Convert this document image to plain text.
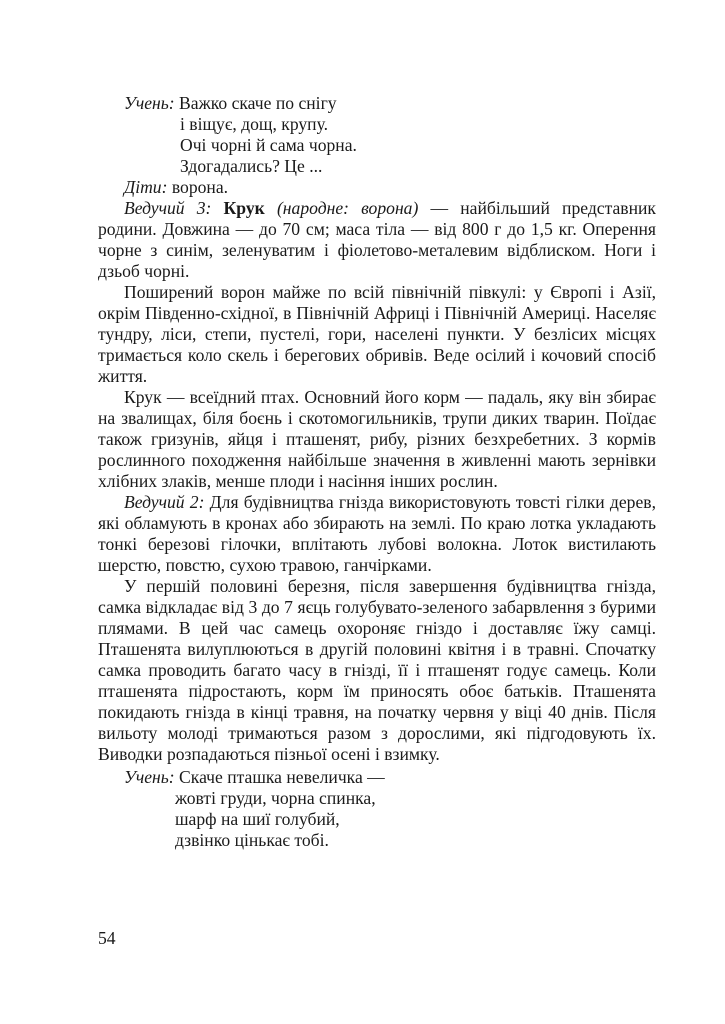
Учень: Важко скаче по снігу
і віщує, дощ, крупу.
Очі чорні й сама чорна.
Здогадались? Це ...
Діти: ворона.

Ведучий 3: Крук (народне: ворона) — найбільший представник родини. Довжина — до 70 см; маса тіла — від 800 г до 1,5 кг. Оперення чорне з синім, зеленуватим і фіолетово-металевим відблиском. Ноги і дзьоб чорні.

Поширений ворон майже по всій північній півкулі: у Європі і Азії, окрім Південно-східної, в Північній Африці і Північній Америці. Населяє тундру, ліси, степи, пустелі, гори, населені пункти. У безлісих місцях тримається коло скель і берегових обривів. Веде осілий і кочовий спосіб життя.

Крук — всеїдний птах. Основний його корм — падаль, яку він збирає на звалищах, біля боєнь і скотомогильників, трупи диких тварин. Поїдає також гризунів, яйця і пташенят, рибу, різних безхребетних. З кормів рослинного походження найбільше значення в живленні мають зернівки хлібних злаків, менше плоди і насіння інших рослин.

Ведучий 2: Для будівництва гнізда використовують товсті гілки дерев, які обламують в кронах або збирають на землі. По краю лотка укладають тонкі березові гілочки, вплітають лубові волокна. Лоток вистилають шерстю, повстю, сухою травою, ганчірками.

У першій половині березня, після завершення будівництва гнізда, самка відкладає від 3 до 7 яєць голубувато-зеленого забарвлення з бурими плямами. В цей час самець охороняє гніздо і доставляє їжу самці. Пташенята вилуплюються в другій половині квітня і в травні. Спочатку самка проводить багато часу в гнізді, її і пташенят годує самець. Коли пташенята підростають, корм їм приносять обоє батьків. Пташенята покидають гнізда в кінці травня, на початку червня у віці 40 днів. Після вильоту молоді тримаються разом з дорослими, які підгодовують їх. Виводки розпадаються пізньої осені і взимку.

Учень: Скаче пташка невеличка —
жовті груди, чорна спинка,
шарф на шиї голубий,
дзвінко цінькає тобі.
54
